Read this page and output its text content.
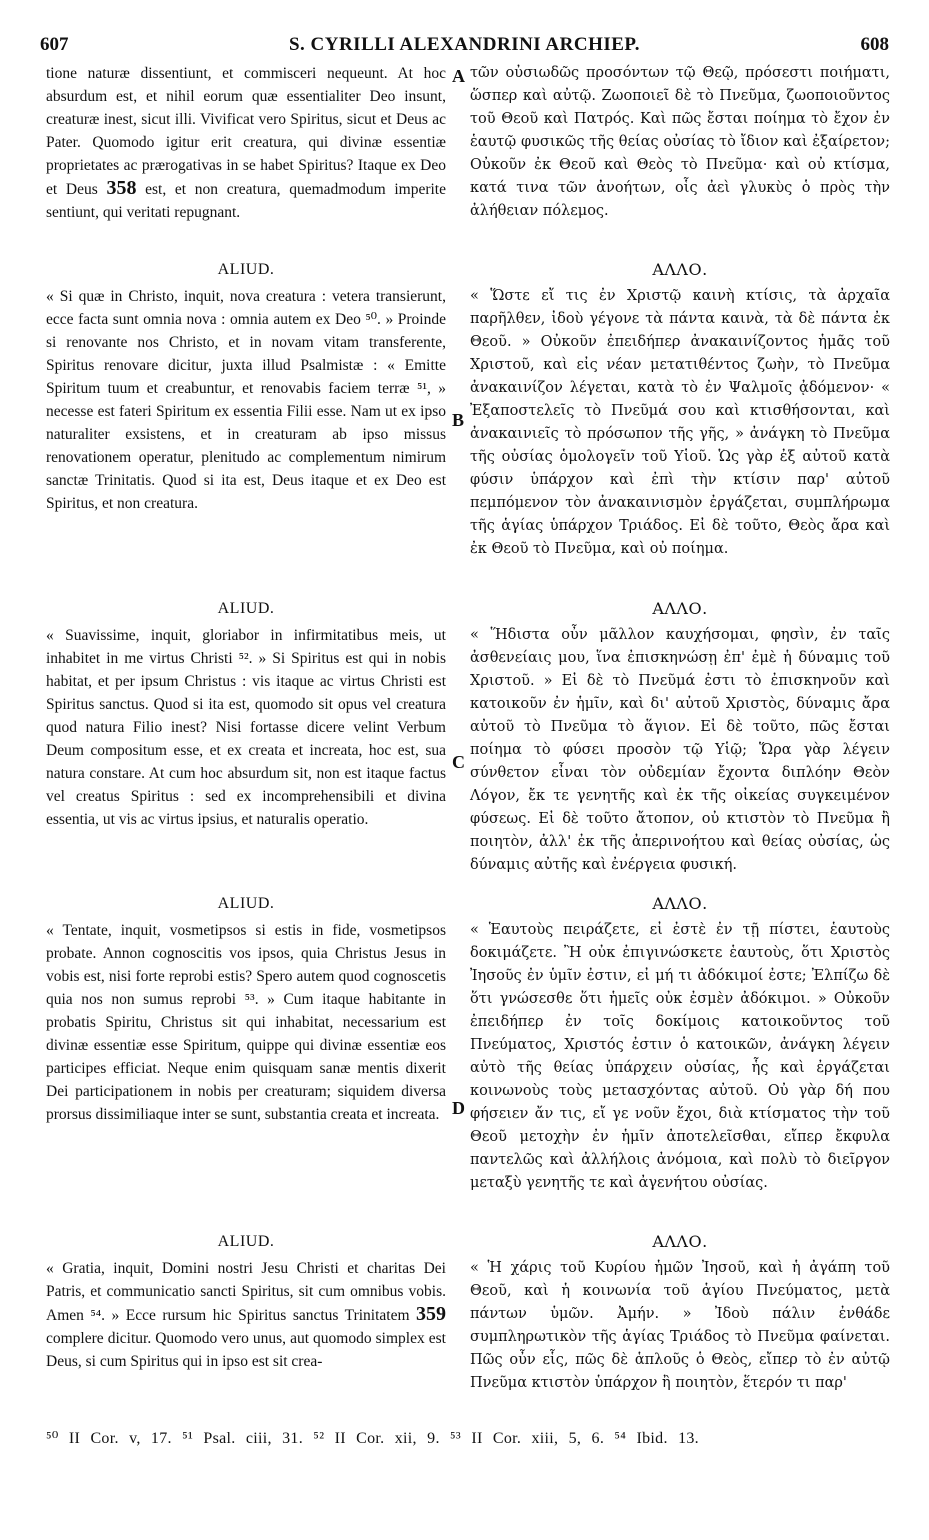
607	S. CYRILLI ALEXANDRINI ARCHIEP.	608

tione naturæ dissentiunt, et commisceri nequeunt. At hoc absurdum est, et nihil eorum quæ essentialiter Deo insunt, creaturæ inest, sicut illi. Vivificat vero Spiritus, sicut et Deus ac Pater. Quomodo igitur erit creatura, qui divinæ essentiæ proprietates ac prærogativas in se habet Spiritus? Itaque ex Deo et Deus 358 est, et non creatura, quemadmodum imperite sentiunt, qui veritati repugnant.

ALIUD.

« Si quæ in Christo, inquit, nova creatura : vetera transierunt, ecce facta sunt omnia nova : omnia autem ex Deo ⁵⁰. » Proinde si renovante nos Christo, et in novam vitam transferente, Spiritus renovare dicitur, juxta illud Psalmistæ : « Emitte Spiritum tuum et creabuntur, et renovabis faciem terræ ⁵¹, » necesse est fateri Spiritum ex essentia Filii esse. Nam ut ex ipso naturaliter exsistens, et in creaturam ab ipso missus renovationem operatur, plenitudo ac complementum nimirum sanctæ Trinitatis. Quod si ita est, Deus itaque et ex Deo est Spiritus, et non creatura.

ALIUD.

« Suavissime, inquit, gloriabor in infirmitatibus meis, ut inhabitet in me virtus Christi ⁵². » Si Spiritus est qui in nobis habitat, et per ipsum Christus : vis itaque ac virtus Christi est Spiritus sanctus. Quod si ita est, quomodo sit opus vel creatura quod natura Filio inest? Nisi fortasse dicere velint Verbum Deum compositum esse, et ex creata et increata, hoc est, sua natura constare. At cum hoc absurdum sit, non est itaque factus vel creatus Spiritus : sed ex incomprehensibili et divina essentia, ut vis ac virtus ipsius, et naturalis operatio.

ALIUD.

« Tentate, inquit, vosmetipsos si estis in fide, vosmetipsos probate. Annon cognoscitis vos ipsos, quia Christus Jesus in vobis est, nisi forte reprobi estis? Spero autem quod cognoscetis quia nos non sumus reprobi ⁵³. » Cum itaque habitante in probatis Spiritu, Christus sit qui inhabitat, necessarium est divinæ essentiæ esse Spiritum, quippe qui divinæ essentiæ eos participes efficiat. Neque enim quisquam sanæ mentis dixerit Dei participationem in nobis per creaturam; siquidem diversa prorsus dissimiliaque inter se sunt, substantia creata et increata.

ALIUD.

« Gratia, inquit, Domini nostri Jesu Christi et charitas Dei Patris, et communicatio sancti Spiritus, sit cum omnibus vobis. Amen ⁵⁴. » Ecce rursum hic Spiritus sanctus Trinitatem 359 complere dicitur. Quomodo vero unus, aut quomodo simplex est Deus, si cum Spiritus qui in ipso est sit crea-

A
B
C
D

τῶν οὐσιωδῶς προσόντων τῷ Θεῷ, πρόσεστι ποιήματι, ὥσπερ καὶ αὐτῷ. Ζωοποιεῖ δὲ τὸ Πνεῦμα, ζωοποιοῦντος τοῦ Θεοῦ καὶ Πατρός. Καὶ πῶς ἔσται ποίημα τὸ ἔχον ἐν ἑαυτῷ φυσικῶς τῆς θείας οὐσίας τὸ ἴδιον καὶ ἐξαίρετον; Οὐκοῦν ἐκ Θεοῦ καὶ Θεὸς τὸ Πνεῦμα· καὶ οὐ κτίσμα, κατά τινα τῶν ἀνοήτων, οἷς ἀεὶ γλυκὺς ὁ πρὸς τὴν ἀλήθειαν πόλεμος.

ΑΛΛΟ.

« Ὥστε εἴ τις ἐν Χριστῷ καινὴ κτίσις, τὰ ἀρχαῖα παρῆλθεν, ἰδοὺ γέγονε τὰ πάντα καινὰ, τὰ δὲ πάντα ἐκ Θεοῦ. » Οὐκοῦν ἐπειδήπερ ἀνακαινίζοντος ἡμᾶς τοῦ Χριστοῦ, καὶ εἰς νέαν μετατιθέντος ζωὴν, τὸ Πνεῦμα ἀνακαινίζον λέγεται, κατὰ τὸ ἐν Ψαλμοῖς ᾀδόμενον· « Ἐξαποστελεῖς τὸ Πνεῦμά σου καὶ κτισθήσονται, καὶ ἀνακαινιεῖς τὸ πρόσωπον τῆς γῆς, » ἀνάγκη τὸ Πνεῦμα τῆς οὐσίας ὁμολογεῖν τοῦ Υἱοῦ. Ὡς γὰρ ἐξ αὐτοῦ κατὰ φύσιν ὑπάρχον καὶ ἐπὶ τὴν κτίσιν παρ' αὐτοῦ πεμπόμενον τὸν ἀνακαινισμὸν ἐργάζεται, συμπλήρωμα τῆς ἁγίας ὑπάρχον Τριάδος. Εἰ δὲ τοῦτο, Θεὸς ἄρα καὶ ἐκ Θεοῦ τὸ Πνεῦμα, καὶ οὐ ποίημα.

ΑΛΛΟ.

« Ἥδιστα οὖν μᾶλλον καυχήσομαι, φησὶν, ἐν ταῖς ἀσθενείαις μου, ἵνα ἐπισκηνώσῃ ἐπ' ἐμὲ ἡ δύναμις τοῦ Χριστοῦ. » Εἰ δὲ τὸ Πνεῦμά ἐστι τὸ ἐπισκηνοῦν καὶ κατοικοῦν ἐν ἡμῖν, καὶ δι' αὐτοῦ Χριστὸς, δύναμις ἄρα αὐτοῦ τὸ Πνεῦμα τὸ ἅγιον. Εἰ δὲ τοῦτο, πῶς ἔσται ποίημα τὸ φύσει προσὸν τῷ Υἱῷ; Ὥρα γὰρ λέγειν σύνθετον εἶναι τὸν οὐδεμίαν ἔχοντα διπλόην Θεὸν Λόγον, ἔκ τε γενητῆς καὶ ἐκ τῆς οἰκείας συγκειμένον φύσεως. Εἰ δὲ τοῦτο ἄτοπον, οὐ κτιστὸν τὸ Πνεῦμα ἢ ποιητὸν, ἀλλ' ἐκ τῆς ἀπερινοήτου καὶ θείας οὐσίας, ὡς δύναμις αὐτῆς καὶ ἐνέργεια φυσική.

ΑΛΛΟ.

« Ἑαυτοὺς πειράζετε, εἰ ἐστὲ ἐν τῇ πίστει, ἑαυτοὺς δοκιμάζετε. Ἢ οὐκ ἐπιγινώσκετε ἑαυτοὺς, ὅτι Χριστὸς Ἰησοῦς ἐν ὑμῖν ἐστιν, εἰ μή τι ἀδόκιμοί ἐστε; Ἐλπίζω δὲ ὅτι γνώσεσθε ὅτι ἡμεῖς οὐκ ἐσμὲν ἀδόκιμοι. » Οὐκοῦν ἐπειδήπερ ἐν τοῖς δοκίμοις κατοικοῦντος τοῦ Πνεύματος, Χριστός ἐστιν ὁ κατοικῶν, ἀνάγκη λέγειν αὐτὸ τῆς θείας ὑπάρχειν οὐσίας, ἧς καὶ ἐργάζεται κοινωνοὺς τοὺς μετασχόντας αὐτοῦ. Οὐ γὰρ δή που φήσειεν ἄν τις, εἴ γε νοῦν ἔχοι, διὰ κτίσματος τὴν τοῦ Θεοῦ μετοχὴν ἐν ἡμῖν ἀποτελεῖσθαι, εἴπερ ἔκφυλα παντελῶς καὶ ἀλλήλοις ἀνόμοια, καὶ πολὺ τὸ διεῖργον μεταξὺ γενητῆς τε καὶ ἀγενήτου οὐσίας.

ΑΛΛΟ.

« Ἡ χάρις τοῦ Κυρίου ἡμῶν Ἰησοῦ, καὶ ἡ ἀγάπη τοῦ Θεοῦ, καὶ ἡ κοινωνία τοῦ ἁγίου Πνεύματος, μετὰ πάντων ὑμῶν. Ἀμήν. » Ἰδοὺ πάλιν ἐνθάδε συμπληρωτικὸν τῆς ἁγίας Τριάδος τὸ Πνεῦμα φαίνεται. Πῶς οὖν εἷς, πῶς δὲ ἁπλοῦς ὁ Θεὸς, εἴπερ τὸ ἐν αὐτῷ Πνεῦμα κτιστὸν ὑπάρχον ἢ ποιητὸν, ἕτερόν τι παρ'

⁵⁰ II Cor. v, 17. ⁵¹ Psal. ciii, 31. ⁵² II Cor. xii, 9. ⁵³ II Cor. xiii, 5, 6. ⁵⁴ Ibid. 13.
